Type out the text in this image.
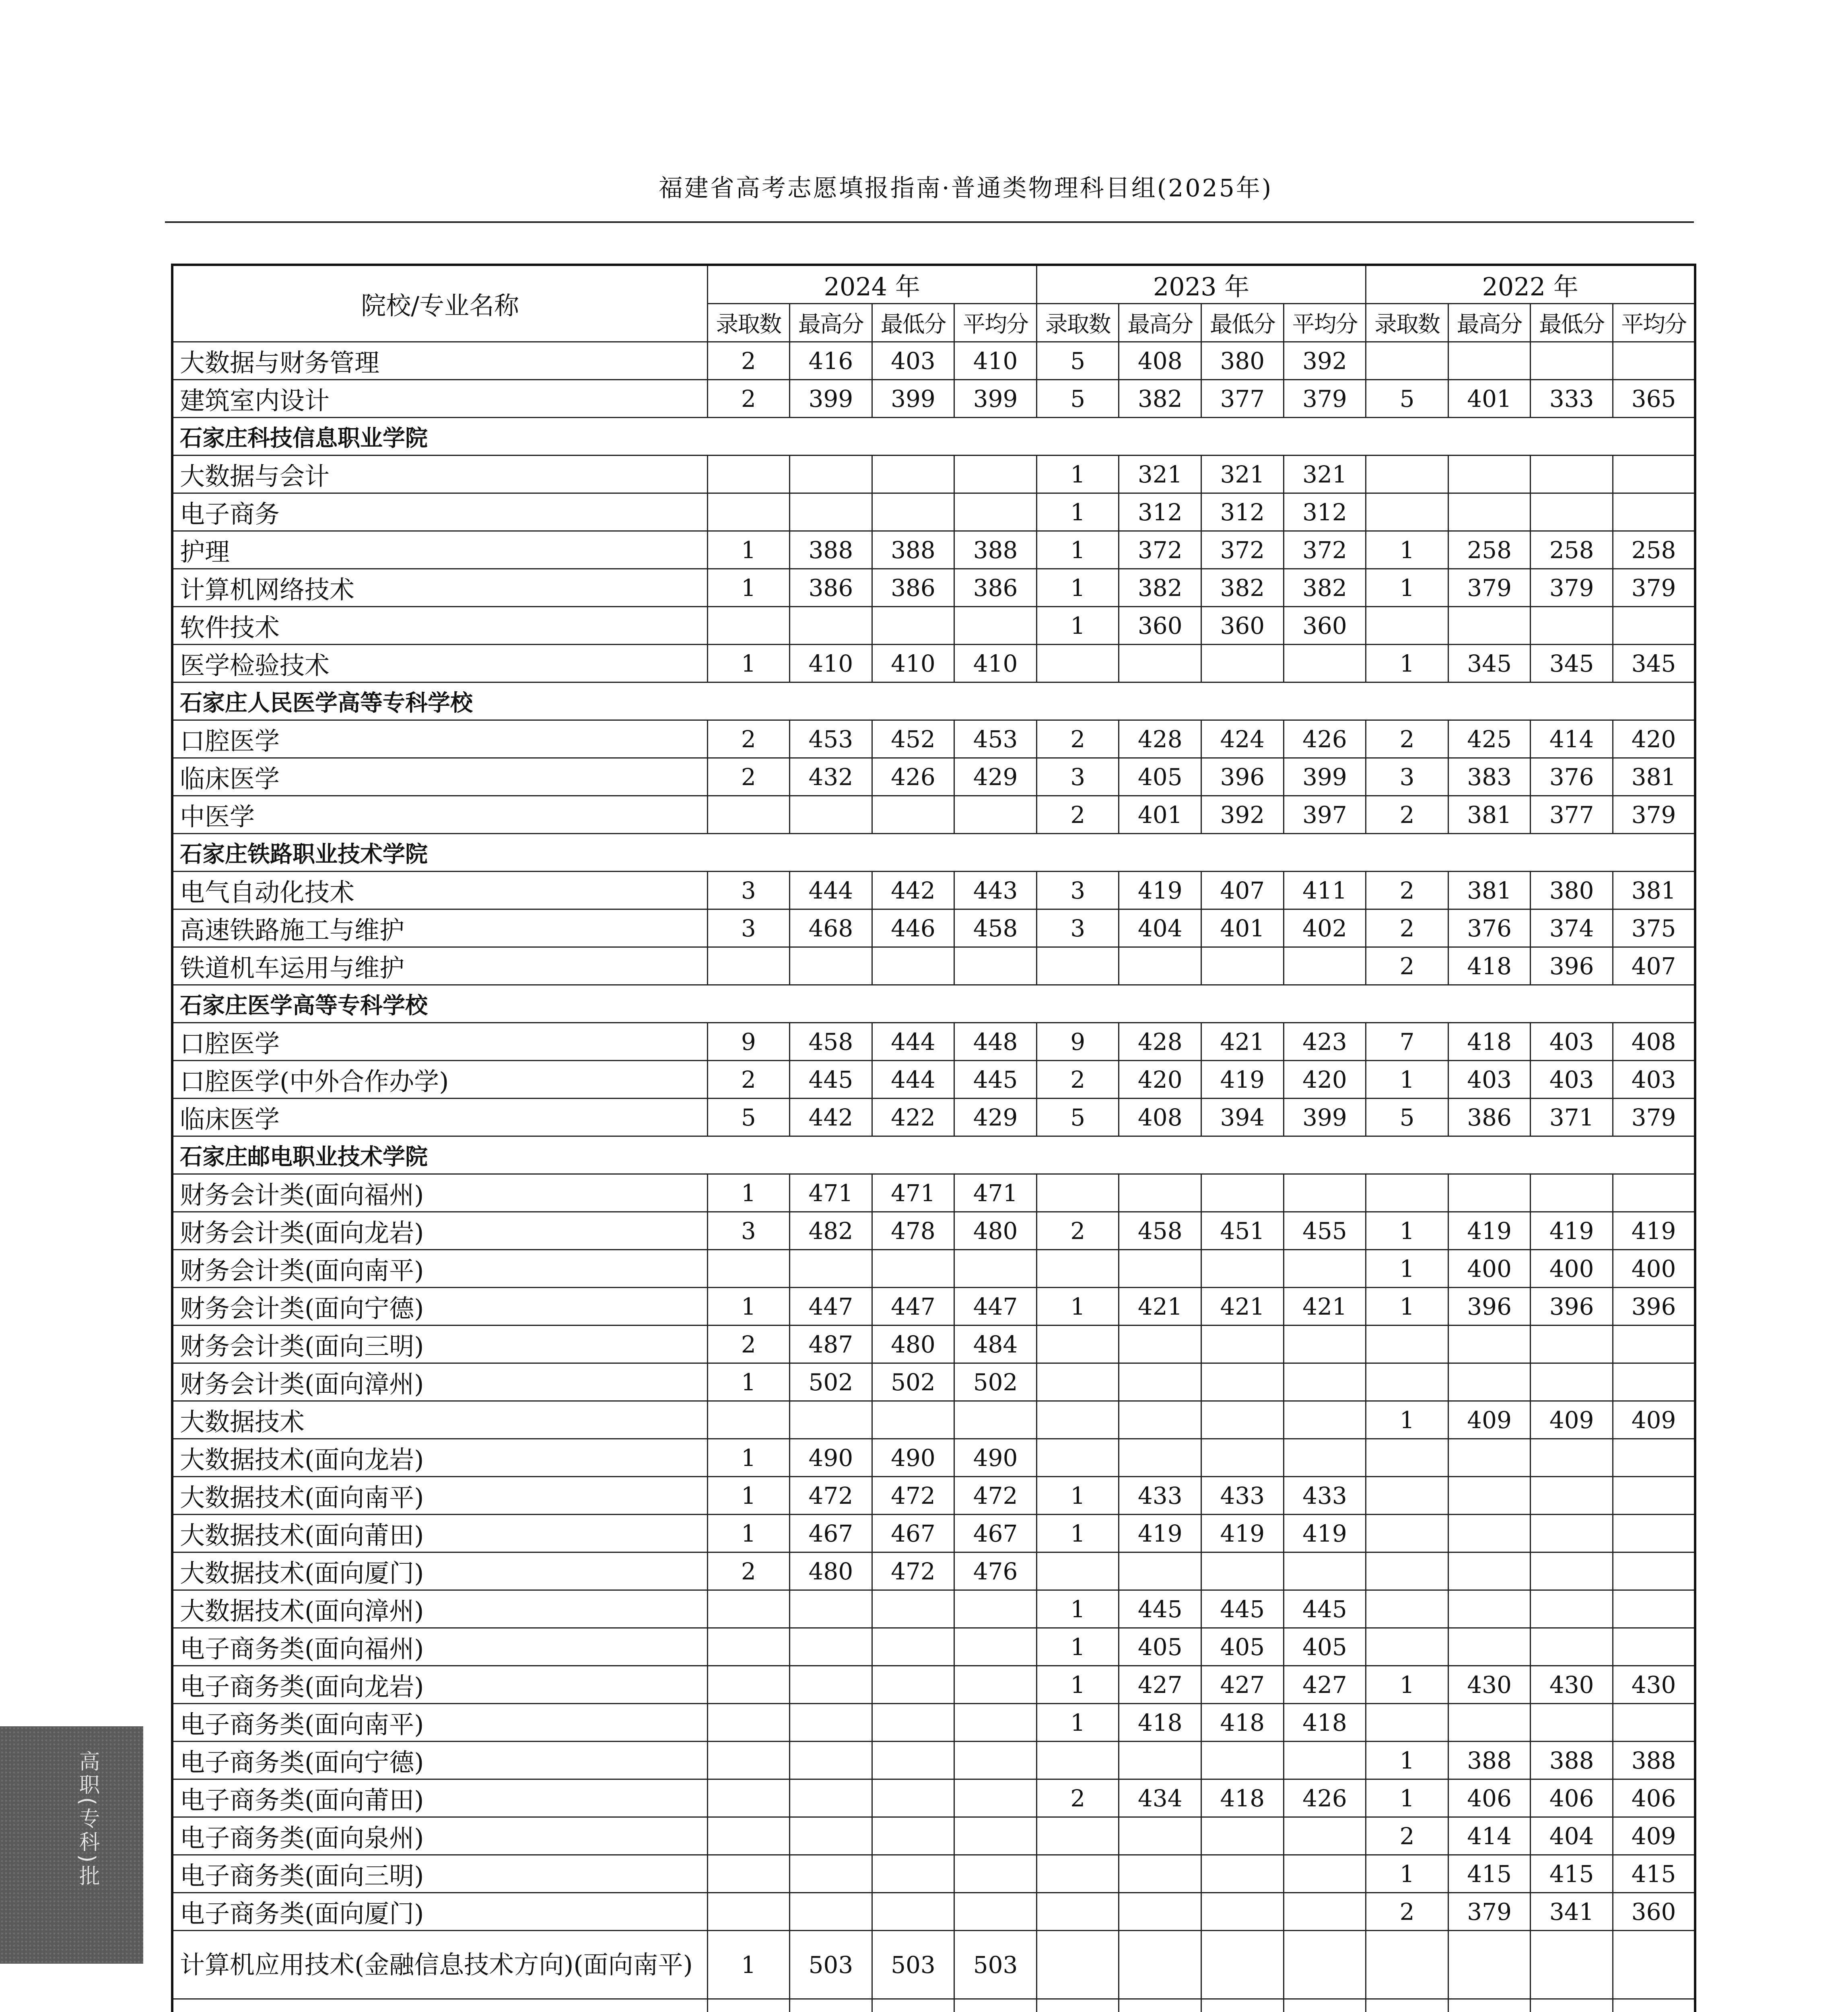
福建省高考志愿填报指南·普通类物理科目组(2025年)
院校/专业名称	2024 年				2023 年				2022 年			
	录取数	最高分	最低分	平均分	录取数	最高分	最低分	平均分	录取数	最高分	最低分	平均分
大数据与财务管理	2	416	403	410	5	408	380	392				
建筑室内设计	2	399	399	399	5	382	377	379	5	401	333	365
石家庄科技信息职业学院												
大数据与会计					1	321	321	321				
电子商务					1	312	312	312				
护理	1	388	388	388	1	372	372	372	1	258	258	258
计算机网络技术	1	386	386	386	1	382	382	382	1	379	379	379
软件技术					1	360	360	360				
医学检验技术	1	410	410	410					1	345	345	345
石家庄人民医学高等专科学校												
口腔医学	2	453	452	453	2	428	424	426	2	425	414	420
临床医学	2	432	426	429	3	405	396	399	3	383	376	381
中医学					2	401	392	397	2	381	377	379
石家庄铁路职业技术学院												
电气自动化技术	3	444	442	443	3	419	407	411	2	381	380	381
高速铁路施工与维护	3	468	446	458	3	404	401	402	2	376	374	375
铁道机车运用与维护									2	418	396	407
石家庄医学高等专科学校												
口腔医学	9	458	444	448	9	428	421	423	7	418	403	408
口腔医学(中外合作办学)	2	445	444	445	2	420	419	420	1	403	403	403
临床医学	5	442	422	429	5	408	394	399	5	386	371	379
石家庄邮电职业技术学院												
财务会计类(面向福州)	1	471	471	471								
财务会计类(面向龙岩)	3	482	478	480	2	458	451	455	1	419	419	419
财务会计类(面向南平)									1	400	400	400
财务会计类(面向宁德)	1	447	447	447	1	421	421	421	1	396	396	396
财务会计类(面向三明)	2	487	480	484								
财务会计类(面向漳州)	1	502	502	502								
大数据技术									1	409	409	409
大数据技术(面向龙岩)	1	490	490	490								
大数据技术(面向南平)	1	472	472	472	1	433	433	433				
大数据技术(面向莆田)	1	467	467	467	1	419	419	419				
大数据技术(面向厦门)	2	480	472	476								
大数据技术(面向漳州)					1	445	445	445				
电子商务类(面向福州)					1	405	405	405				
电子商务类(面向龙岩)					1	427	427	427	1	430	430	430
电子商务类(面向南平)					1	418	418	418				
电子商务类(面向宁德)									1	388	388	388
电子商务类(面向莆田)					2	434	418	426	1	406	406	406
电子商务类(面向泉州)									2	414	404	409
电子商务类(面向三明)									1	415	415	415
电子商务类(面向厦门)									2	379	341	360
计算机应用技术(金融信息技术方向)(面向南平)	1	503	503	503								

高职(专科)批
